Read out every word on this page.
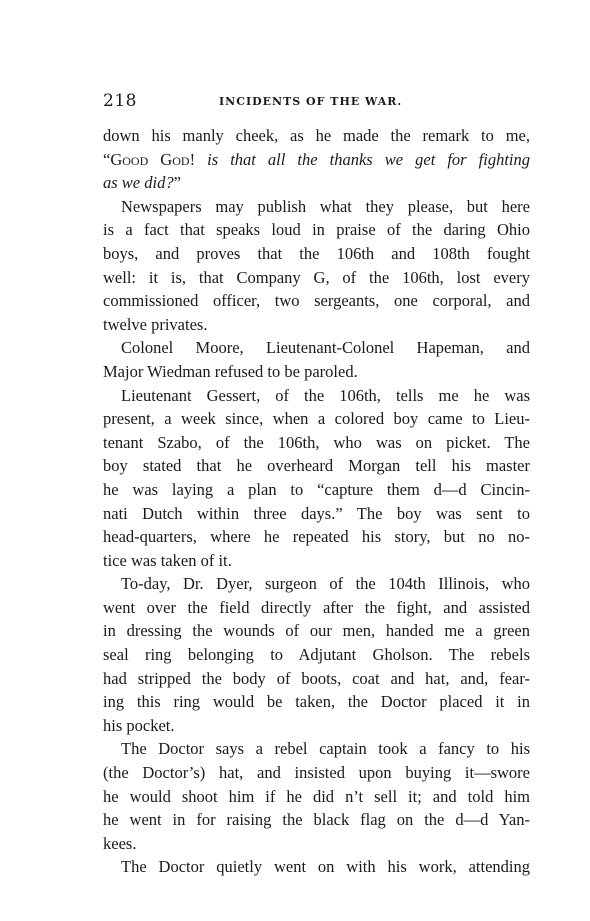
218	INCIDENTS OF THE WAR.
down his manly cheek, as he made the remark to me,
“Good God! is that all the thanks we get for fighting
as we did?”
Newspapers may publish what they please, but here
is a fact that speaks loud in praise of the daring Ohio
boys, and proves that the 106th and 108th fought
well: it is, that Company G, of the 106th, lost every
commissioned officer, two sergeants, one corporal, and
twelve privates.
Colonel Moore, Lieutenant-Colonel Hapeman, and
Major Wiedman refused to be paroled.
Lieutenant Gessert, of the 106th, tells me he was
present, a week since, when a colored boy came to Lieu-
tenant Szabo, of the 106th, who was on picket. The
boy stated that he overheard Morgan tell his master
he was laying a plan to “capture them d—d Cincin-
nati Dutch within three days.” The boy was sent to
head-quarters, where he repeated his story, but no no-
tice was taken of it.
To-day, Dr. Dyer, surgeon of the 104th Illinois, who
went over the field directly after the fight, and assisted
in dressing the wounds of our men, handed me a green
seal ring belonging to Adjutant Gholson. The rebels
had stripped the body of boots, coat and hat, and, fear-
ing this ring would be taken, the Doctor placed it in
his pocket.
The Doctor says a rebel captain took a fancy to his
(the Doctor’s) hat, and insisted upon buying it—swore
he would shoot him if he did n’t sell it; and told him
he went in for raising the black flag on the d—d Yan-
kees.
The Doctor quietly went on with his work, attending
